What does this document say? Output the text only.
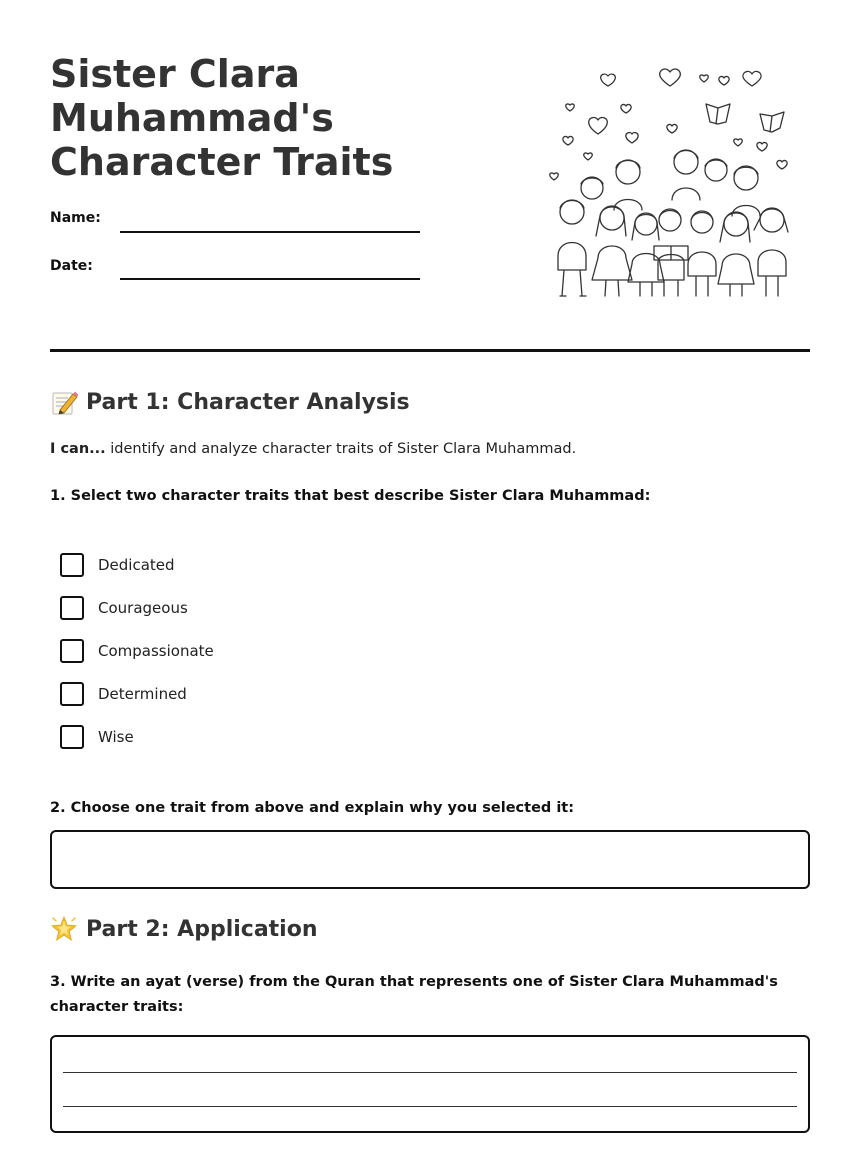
Sister Clara Muhammad's Character Traits
Name:
Date:
Part 1: Character Analysis
I can... identify and analyze character traits of Sister Clara Muhammad.
1. Select two character traits that best describe Sister Clara Muhammad:
Dedicated
Courageous
Compassionate
Determined
Wise
2. Choose one trait from above and explain why you selected it:
Part 2: Application
3. Write an ayat (verse) from the Quran that represents one of Sister Clara Muhammad's character traits:
